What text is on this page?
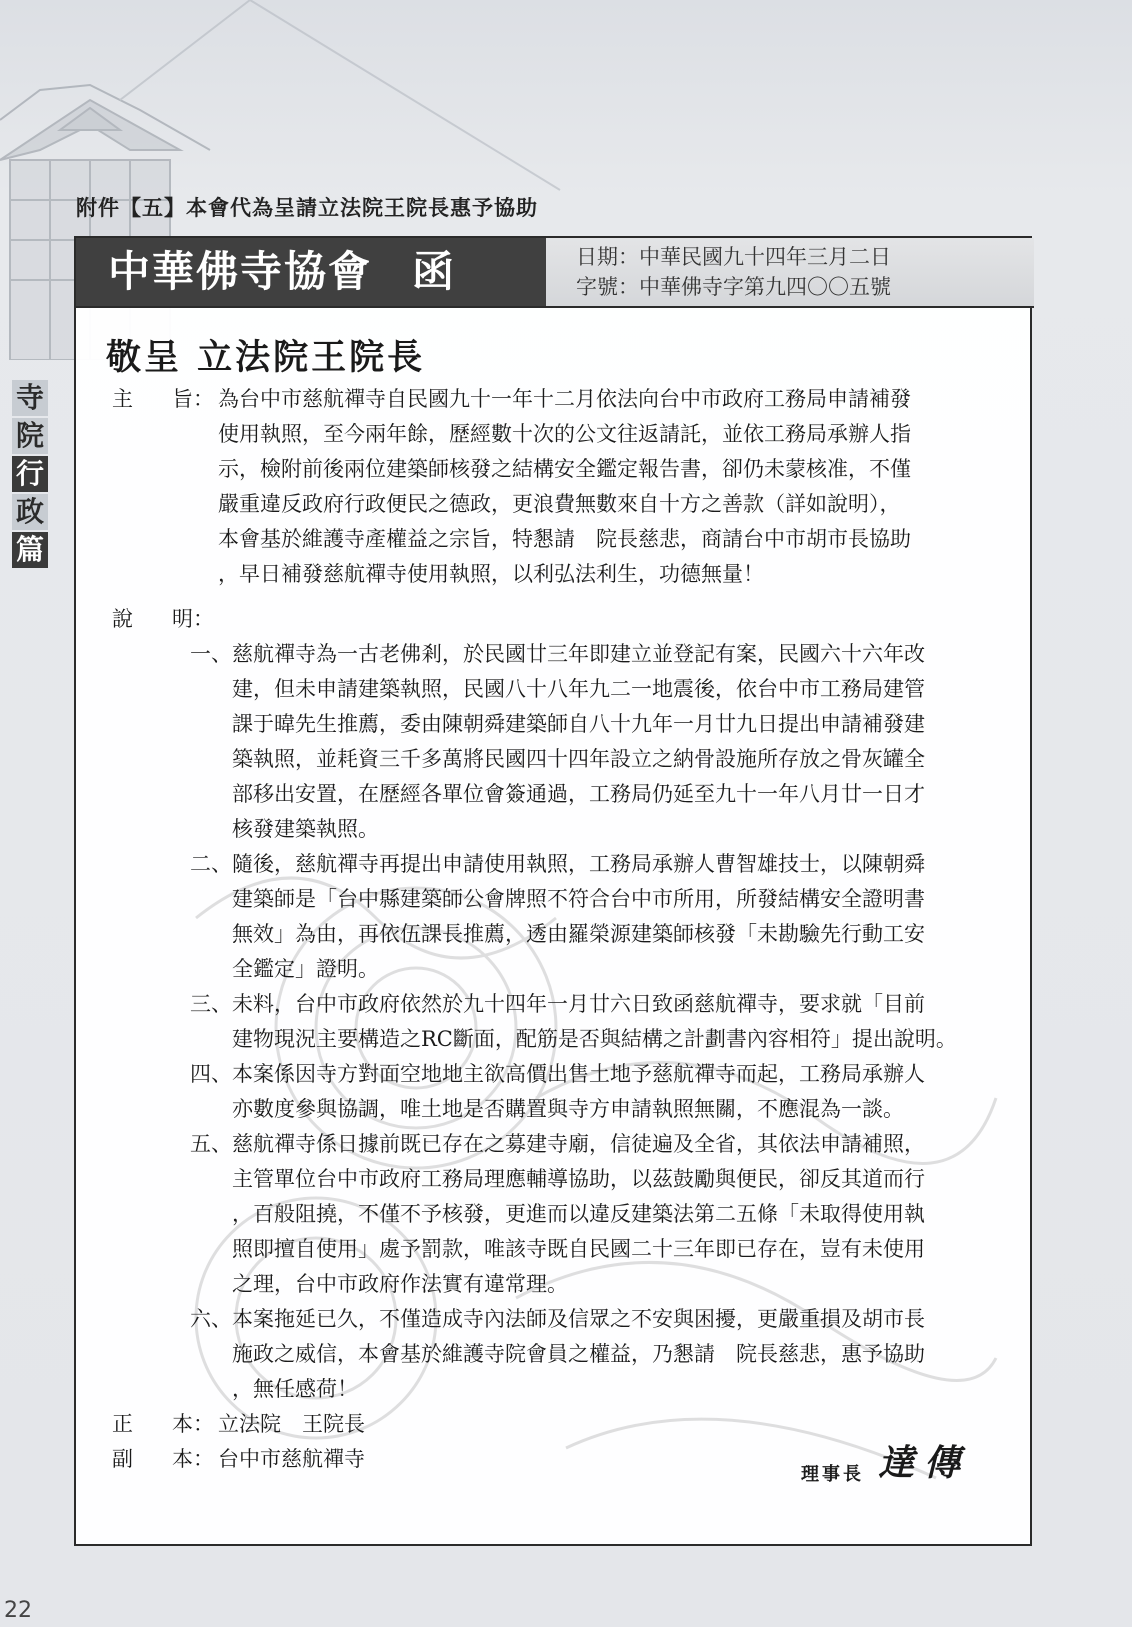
寺
院
行
政
篇
附件【五】本會代為呈請立法院王院長惠予協助
中華佛寺協會 函	日期：中華民國九十四年三月二日
字號：中華佛寺字第九四〇〇五號
敬呈 立法院王院長
主 旨： 為台中市慈航禪寺自民國九十一年十二月依法向台中市政府工務局申請補發
使用執照，至今兩年餘，歷經數十次的公文往返請託，並依工務局承辦人指
示，檢附前後兩位建築師核發之結構安全鑑定報告書，卻仍未蒙核准，不僅
嚴重違反政府行政便民之德政，更浪費無數來自十方之善款（詳如說明），
本會基於維護寺產權益之宗旨，特懇請　院長慈悲，商請台中市胡市長協助
，早日補發慈航禪寺使用執照，以利弘法利生，功德無量！
說 明：
一、 慈航禪寺為一古老佛剎，於民國廿三年即建立並登記有案，民國六十六年改
建，但未申請建築執照，民國八十八年九二一地震後，依台中市工務局建管
課于暐先生推薦，委由陳朝舜建築師自八十九年一月廿九日提出申請補發建
築執照，並耗資三千多萬將民國四十四年設立之納骨設施所存放之骨灰罐全
部移出安置，在歷經各單位會簽通過，工務局仍延至九十一年八月廿一日才
核發建築執照。
二、 隨後，慈航禪寺再提出申請使用執照，工務局承辦人曹智雄技士，以陳朝舜
建築師是「台中縣建築師公會牌照不符合台中市所用，所發結構安全證明書
無效」為由，再依伍課長推薦，透由羅榮源建築師核發「未勘驗先行動工安
全鑑定」證明。
三、 未料，台中市政府依然於九十四年一月廿六日致函慈航禪寺，要求就「目前
建物現況主要構造之RC斷面，配筋是否與結構之計劃書內容相符」提出說明。
四、 本案係因寺方對面空地地主欲高價出售土地予慈航禪寺而起，工務局承辦人
亦數度參與協調，唯土地是否購置與寺方申請執照無關，不應混為一談。
五、 慈航禪寺係日據前既已存在之募建寺廟，信徒遍及全省，其依法申請補照，
主管單位台中市政府工務局理應輔導協助，以茲鼓勵與便民，卻反其道而行
，百般阻撓，不僅不予核發，更進而以違反建築法第二五條「未取得使用執
照即擅自使用」處予罰款，唯該寺既自民國二十三年即已存在，豈有未使用
之理，台中市政府作法實有違常理。
六、 本案拖延已久，不僅造成寺內法師及信眾之不安與困擾，更嚴重損及胡市長
施政之威信，本會基於維護寺院會員之權益，乃懇請　院長慈悲，惠予協助
，無任感荷！
正 本： 立法院　王院長
副 本： 台中市慈航禪寺
理事長 達傳
22
